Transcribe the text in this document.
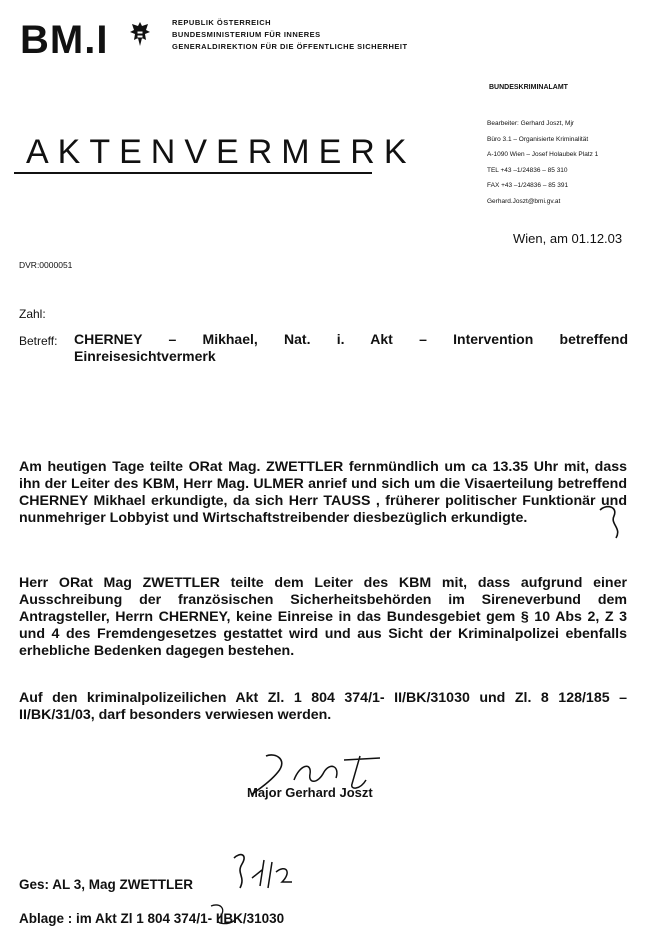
BM.I	REPUBLIK ÖSTERREICH
BUNDESMINISTERIUM FÜR INNERES
GENERALDIREKTION FÜR DIE ÖFFENTLICHE SICHERHEIT
BUNDESKRIMINALAMT
Bearbeiter: Gerhard Joszt, Mjr
Büro 3.1 – Organisierte Kriminalität
A-1090 Wien – Josef Holaubek Platz 1
TEL +43 –1/24836 – 85 310
FAX +43 –1/24836 – 85 391
Gerhard.Joszt@bmi.gv.at
AKTENVERMERK
Wien, am 01.12.03
DVR:0000051
Zahl:
Betreff: CHERNEY – Mikhael, Nat. i. Akt – Intervention betreffend
Einreisesichtvermerk
Am heutigen Tage teilte ORat Mag. ZWETTLER fernmündlich um ca 13.35 Uhr mit, dass ihn der Leiter des KBM, Herr Mag. ULMER anrief und sich um die Visaerteilung betreffend CHERNEY Mikhael erkundigte, da sich Herr TAUSS , früherer politischer Funktionär und nunmehriger Lobbyist und Wirtschaftstreibender diesbezüglich erkundigte.
Herr ORat Mag ZWETTLER teilte dem Leiter des KBM mit, dass aufgrund einer Ausschreibung der französischen Sicherheitsbehörden im Sireneverbund dem Antragsteller, Herrn CHERNEY, keine Einreise in das Bundesgebiet gem § 10 Abs 2, Z 3 und 4 des Fremdengesetzes gestattet wird und aus Sicht der Kriminalpolizei ebenfalls erhebliche Bedenken dagegen bestehen.
Auf den kriminalpolizeilichen Akt Zl. 1 804 374/1- II/BK/31030 und Zl. 8 128/185 – II/BK/31/03, darf besonders verwiesen werden.
Major Gerhard Joszt
Ges: AL 3, Mag ZWETTLER
Ablage : im Akt Zl 1 804 374/1- IIBK/31030
